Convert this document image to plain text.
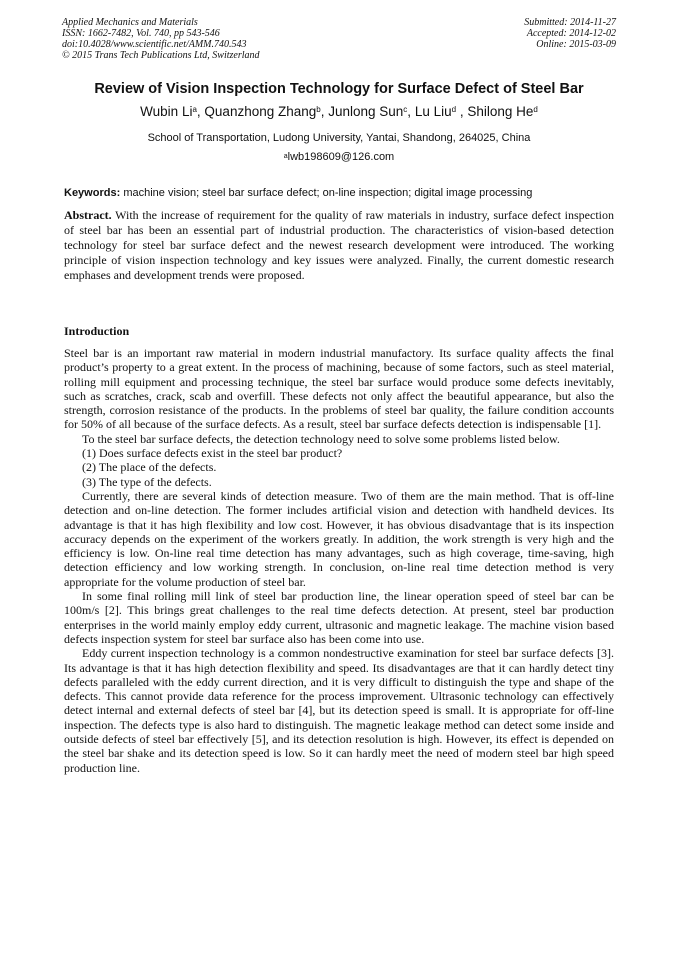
Applied Mechanics and Materials
ISSN: 1662-7482, Vol. 740, pp 543-546
doi:10.4028/www.scientific.net/AMM.740.543
© 2015 Trans Tech Publications Ltd, Switzerland
Submitted: 2014-11-27
Accepted: 2014-12-02
Online: 2015-03-09
Review of Vision Inspection Technology for Surface Defect of Steel Bar
Wubin Li$^a$, Quanzhong Zhang$^b$, Junlong Sun$^c$, Lu Liu$^d$ , Shilong He$^d$
School of Transportation, Ludong University, Yantai, Shandong, 264025, China
$^a$lwb198609@126.com
Keywords: machine vision; steel bar surface defect; on-line inspection; digital image processing
Abstract. With the increase of requirement for the quality of raw materials in industry, surface defect inspection of steel bar has been an essential part of industrial production. The characteristics of vision-based detection technology for steel bar surface defect and the newest research development were introduced. The working principle of vision inspection technology and key issues were analyzed. Finally, the current domestic research emphases and development trends were proposed.
Introduction

Steel bar is an important raw material in modern industrial manufactory. Its surface quality affects the final product’s property to a great extent. In the process of machining, because of some factors, such as steel material, rolling mill equipment and processing technique, the steel bar surface would produce some defects inevitably, such as scratches, crack, scab and overfill. These defects not only affect the beautiful appearance, but also the strength, corrosion resistance of the products. In the problems of steel bar quality, the failure condition accounts for 50% of all because of the surface defects. As a result, steel bar surface defects detection is indispensable [1].

To the steel bar surface defects, the detection technology need to solve some problems listed below.

(1) Does surface defects exist in the steel bar product?

(2) The place of the defects.

(3) The type of the defects.

Currently, there are several kinds of detection measure. Two of them are the main method. That is off-line detection and on-line detection. The former includes artificial vision and detection with handheld devices. Its advantage is that it has high flexibility and low cost. However, it has obvious disadvantage that is its inspection accuracy depends on the experiment of the workers greatly. In addition, the work strength is very high and the efficiency is low. On-line real time detection has many advantages, such as high coverage, time-saving, high detection efficiency and low working strength. In conclusion, on-line real time detection method is very appropriate for the volume production of steel bar.

In some final rolling mill link of steel bar production line, the linear operation speed of steel bar can be 100m/s [2]. This brings great challenges to the real time defects detection. At present, steel bar production enterprises in the world mainly employ eddy current, ultrasonic and magnetic leakage. The machine vision based defects inspection system for steel bar surface also has been come into use.

Eddy current inspection technology is a common nondestructive examination for steel bar surface defects [3]. Its advantage is that it has high detection flexibility and speed. Its disadvantages are that it can hardly detect tiny defects paralleled with the eddy current direction, and it is very difficult to distinguish the type and shape of the defects. This cannot provide data reference for the process improvement. Ultrasonic technology can effectively detect internal and external defects of steel bar [4], but its detection speed is small. It is appropriate for off-line inspection. The defects type is also hard to distinguish. The magnetic leakage method can detect some inside and outside defects of steel bar effectively [5], and its detection resolution is high. However, its effect is depended on the steel bar shake and its detection speed is low. So it can hardly meet the need of modern steel bar high speed production line.
